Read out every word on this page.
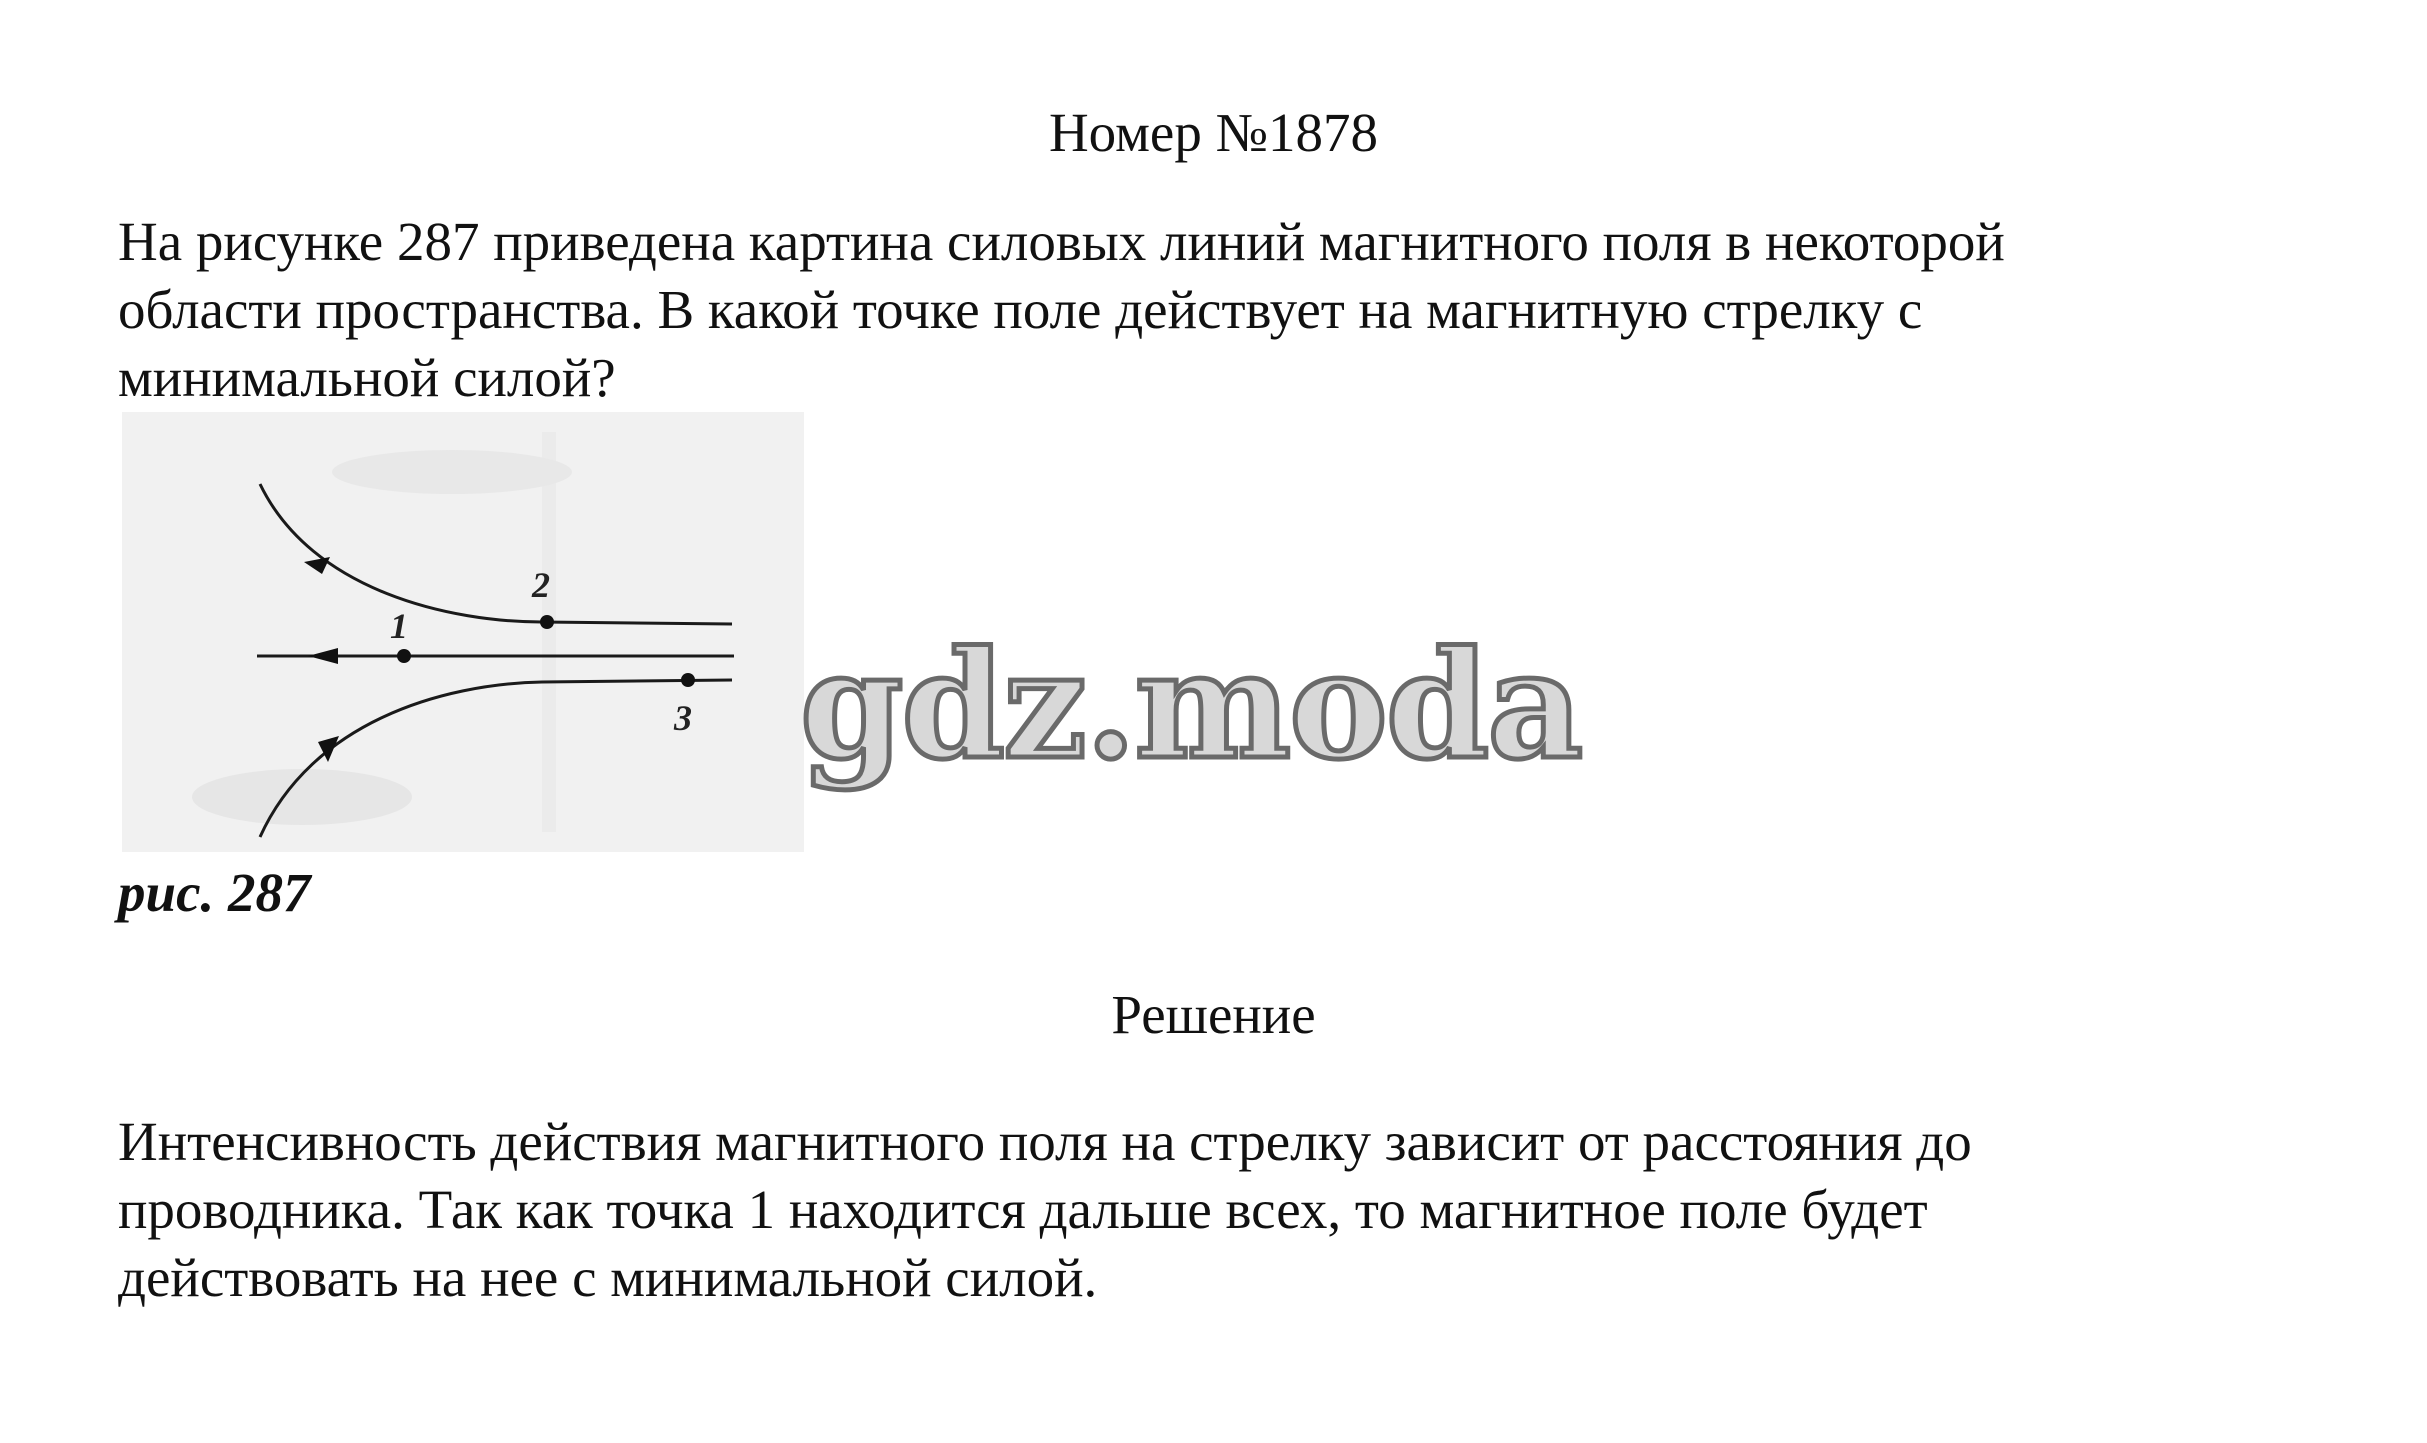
Номер №1878
На рисунке 287 приведена картина силовых линий магнитного поля в некоторой
области пространства. В какой точке поле действует на магнитную стрелку с
минимальной силой?
1
2
3 gdz.moda
рис. 287
Решение
Интенсивность действия магнитного поля на стрелку зависит от расстояния до
проводника. Так как точка 1 находится дальше всех, то магнитное поле будет
действовать на нее с минимальной силой.
